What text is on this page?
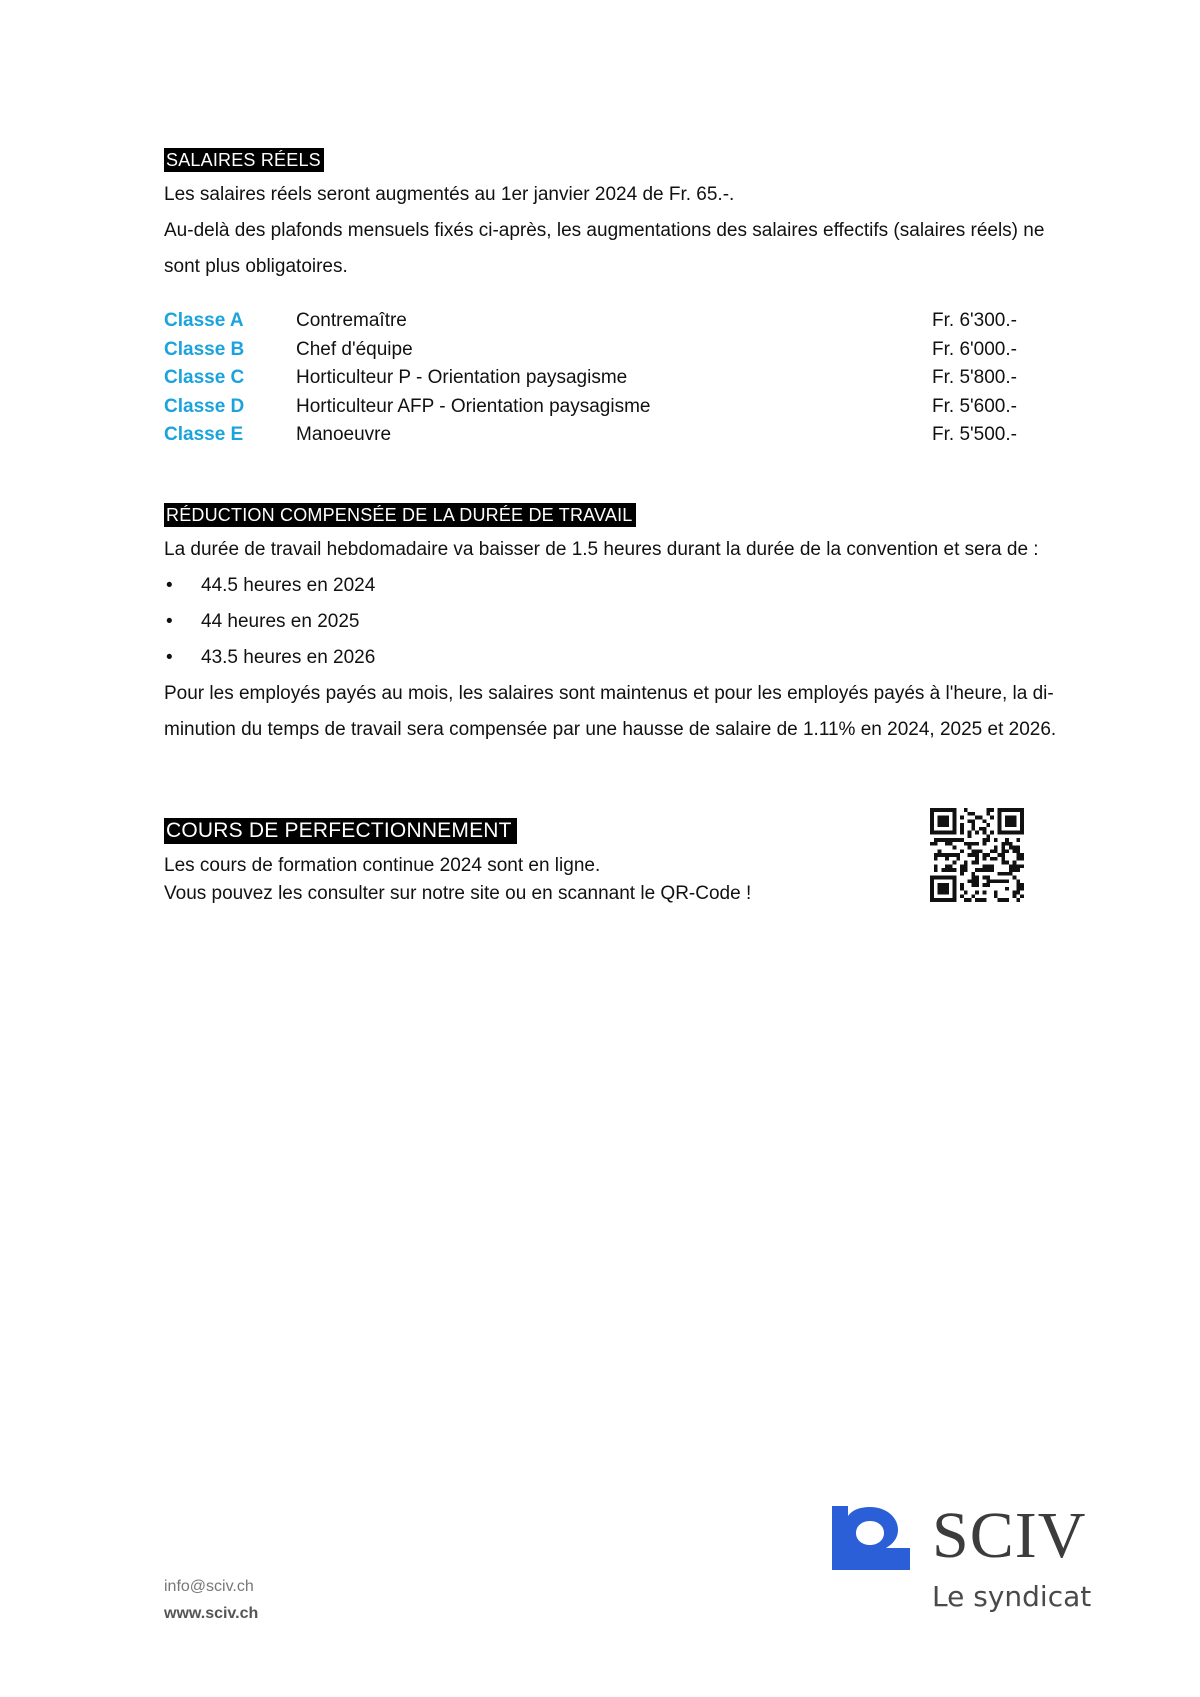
SALAIRES RÉELS

Les salaires réels seront augmentés au 1er janvier 2024 de Fr. 65.-.

Au-delà des plafonds mensuels fixés ci-après, les augmentations des salaires effectifs (salaires réels) ne

sont plus obligatoires.

Classe A	Contremaître	Fr. 6'300.-
Classe B	Chef d'équipe	Fr. 6'000.-
Classe C	Horticulteur P - Orientation paysagisme	Fr. 5'800.-
Classe D	Horticulteur AFP - Orientation paysagisme	Fr. 5'600.-
Classe E	Manoeuvre	Fr. 5'500.-
RÉDUCTION COMPENSÉE DE LA DURÉE DE TRAVAIL

La durée de travail hebdomadaire va baisser de 1.5 heures durant la durée de la convention et sera de :

• 44.5 heures en 2024
• 44 heures en 2025
• 43.5 heures en 2026

Pour les employés payés au mois, les salaires sont maintenus et pour les employés payés à l'heure, la di-

minution du temps de travail sera compensée par une hausse de salaire de 1.11% en 2024, 2025 et 2026.

COURS DE PERFECTIONNEMENT

Les cours de formation continue 2024 sont en ligne.

Vous pouvez les consulter sur notre site ou en scannant le QR-Code !

info@sciv.ch
www.sciv.ch
SCIV
Le syndicat
